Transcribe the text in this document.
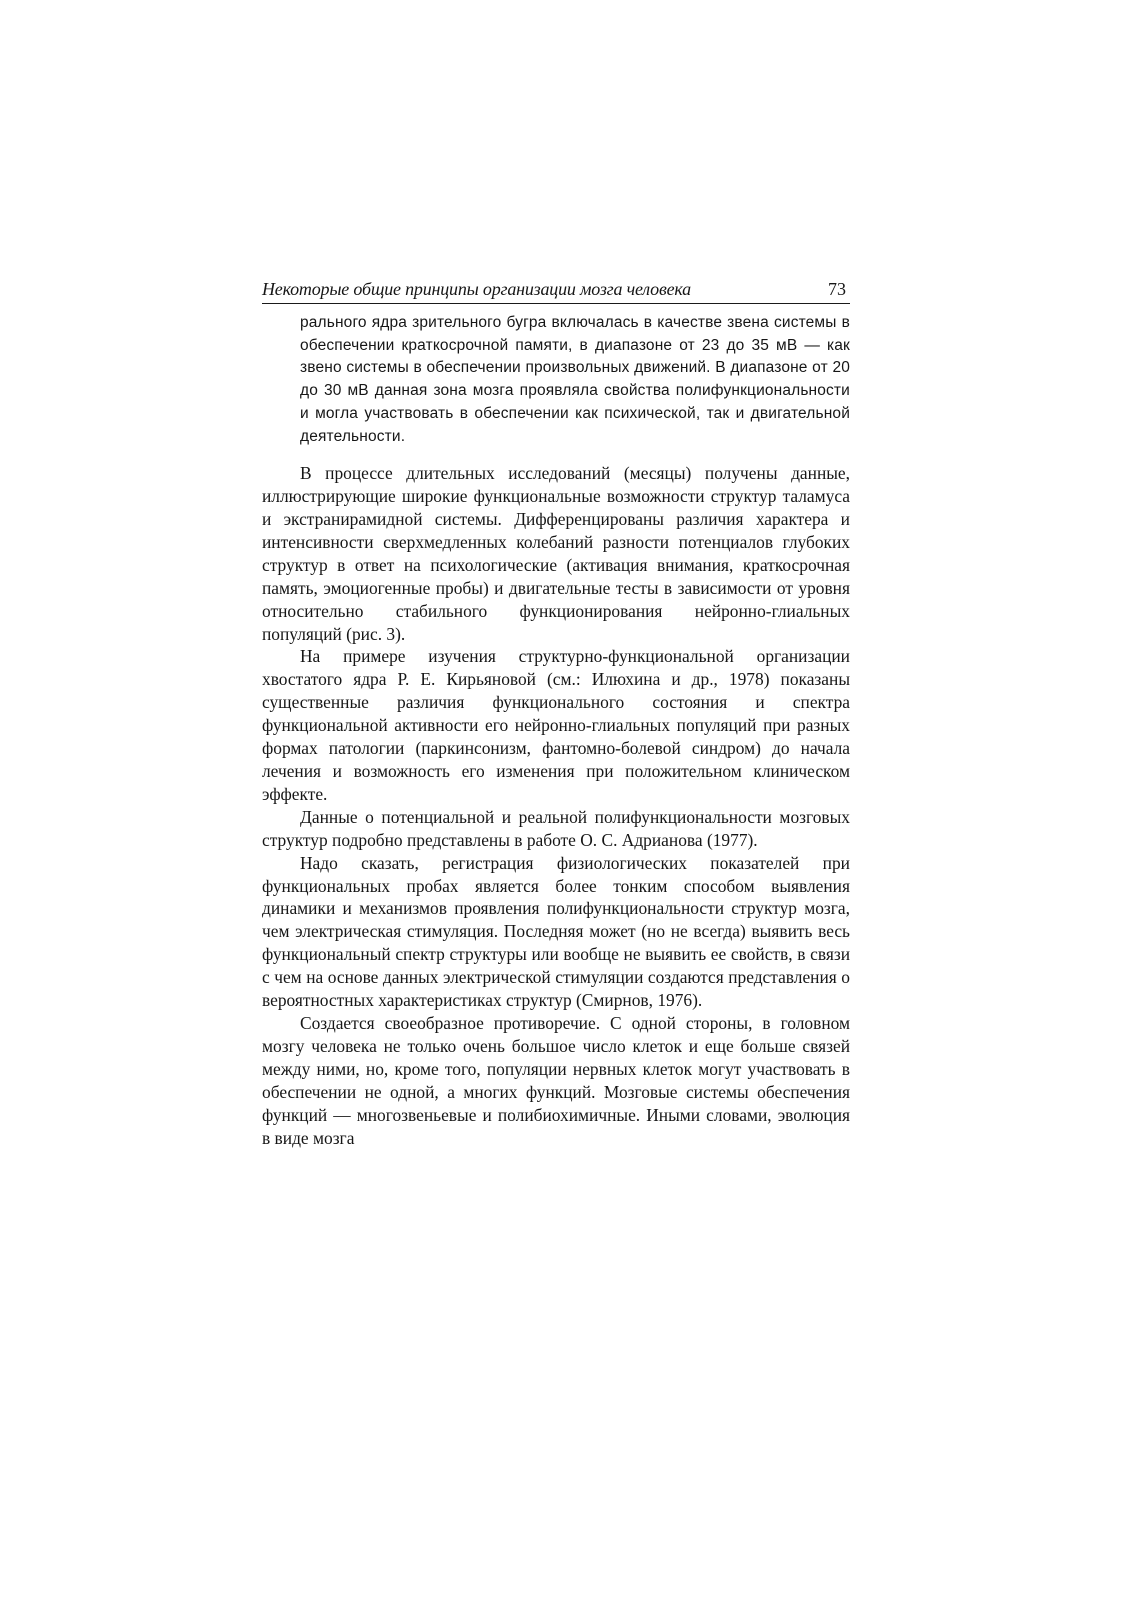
Некоторые общие принципы организации мозга человека	73

рального ядра зрительного бугра включалась в качестве звена системы в обеспечении краткосрочной памяти, в диапазоне от 23 до 35 мВ — как звено системы в обеспечении произвольных движений. В диапазоне от 20 до 30 мВ данная зона мозга проявляла свойства полифункциональности и могла участвовать в обеспечении как психической, так и двигательной деятельности.

В процессе длительных исследований (месяцы) получены данные, иллюстрирующие широкие функциональные возможности структур таламуса и экстранирамидной системы. Дифференцированы различия характера и интенсивности сверхмедленных колебаний разности потенциалов глубоких структур в ответ на психологические (активация внимания, краткосрочная память, эмоциогенные пробы) и двигательные тесты в зависимости от уровня относительно стабильного функционирования нейронно-глиальных популяций (рис. 3).

На примере изучения структурно-функциональной организации хвостатого ядра Р. Е. Кирьяновой (см.: Илюхина и др., 1978) показаны существенные различия функционального состояния и спектра функциональной активности его нейронно-глиальных популяций при разных формах патологии (паркинсонизм, фантомно-болевой синдром) до начала лечения и возможность его изменения при положительном клиническом эффекте.

Данные о потенциальной и реальной полифункциональности мозговых структур подробно представлены в работе О. С. Адрианова (1977).

Надо сказать, регистрация физиологических показателей при функциональных пробах является более тонким способом выявления динамики и механизмов проявления полифункциональности структур мозга, чем электрическая стимуляция. Последняя может (но не всегда) выявить весь функциональный спектр структуры или вообще не выявить ее свойств, в связи с чем на основе данных электрической стимуляции создаются представления о вероятностных характеристиках структур (Смирнов, 1976).

Создается своеобразное противоречие. С одной стороны, в головном мозгу человека не только очень большое число клеток и еще больше связей между ними, но, кроме того, популяции нервных клеток могут участвовать в обеспечении не одной, а многих функций. Мозговые системы обеспечения функций — многозвеньевые и полибиохимичные. Иными словами, эволюция в виде мозга
